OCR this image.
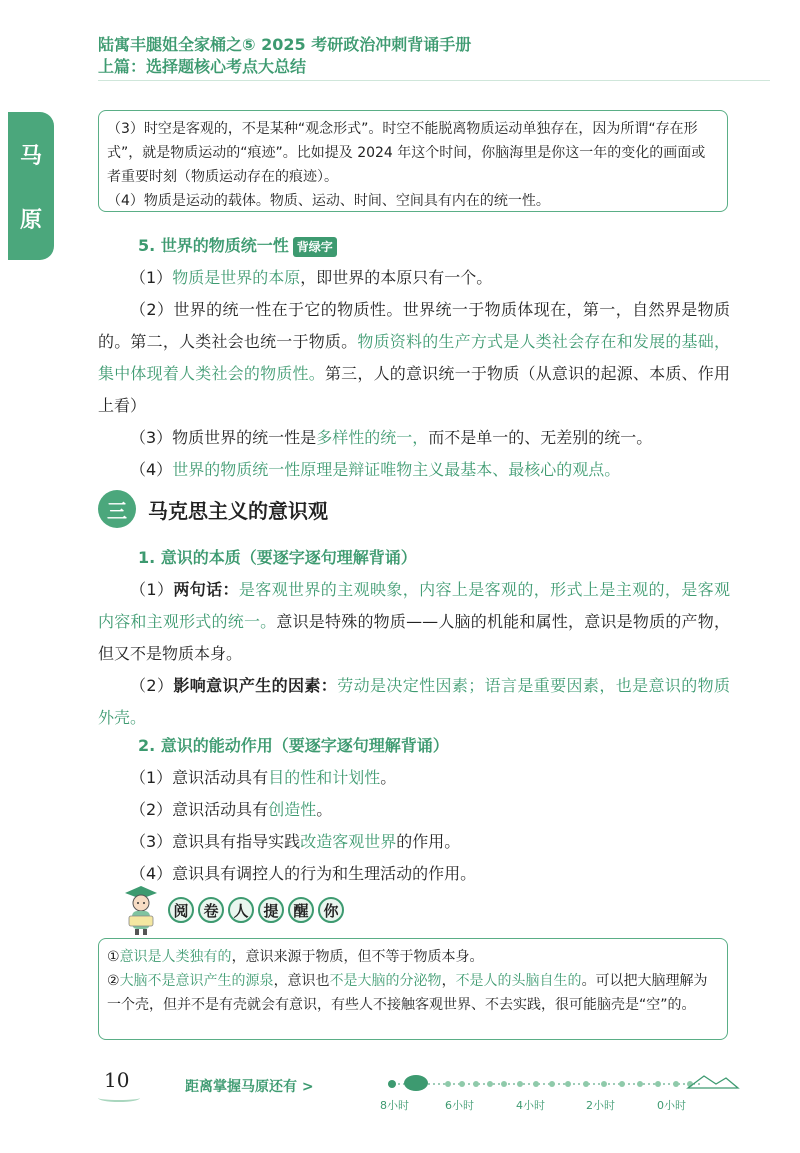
陆寓丰腿姐全家桶之⑤ 2025 考研政治冲刺背诵手册
上篇：选择题核心考点大总结
马
原

（3）时空是客观的，不是某种“观念形式”。时空不能脱离物质运动单独存在，因为所谓“存在形式”，就是物质运动的“痕迹”。比如提及 2024 年这个时间，你脑海里是你这一年的变化的画面或者重要时刻（物质运动存在的痕迹）。

（4）物质是运动的载体。物质、运动、时间、空间具有内在的统一性。

5. 世界的物质统一性 背绿字

（1）物质是世界的本原，即世界的本原只有一个。

（2）世界的统一性在于它的物质性。世界统一于物质体现在，第一，自然界是物质的。第二，人类社会也统一于物质。物质资料的生产方式是人类社会存在和发展的基础，集中体现着人类社会的物质性。第三，人的意识统一于物质（从意识的起源、本质、作用上看）

（3）物质世界的统一性是多样性的统一，而不是单一的、无差别的统一。

（4）世界的物质统一性原理是辩证唯物主义最基本、最核心的观点。

三	马克思主义的意识观
1. 意识的本质（要逐字逐句理解背诵）

（1）两句话：是客观世界的主观映象，内容上是客观的，形式上是主观的，是客观内容和主观形式的统一。意识是特殊的物质——人脑的机能和属性，意识是物质的产物，但又不是物质本身。

（2）影响意识产生的因素：劳动是决定性因素；语言是重要因素，也是意识的物质外壳。

2. 意识的能动作用（要逐字逐句理解背诵）

（1）意识活动具有目的性和计划性。

（2）意识活动具有创造性。

（3）意识具有指导实践改造客观世界的作用。

（4）意识具有调控人的行为和生理活动的作用。

阅 卷 人 提 醒 你

①意识是人类独有的，意识来源于物质，但不等于物质本身。

②大脑不是意识产生的源泉，意识也不是大脑的分泌物，不是人的头脑自生的。可以把大脑理解为一个壳，但并不是有壳就会有意识，有些人不接触客观世界、不去实践，很可能脑壳是“空”的。

10	距离掌握马原还有 >
8小时	6小时	4小时	2小时	0小时
